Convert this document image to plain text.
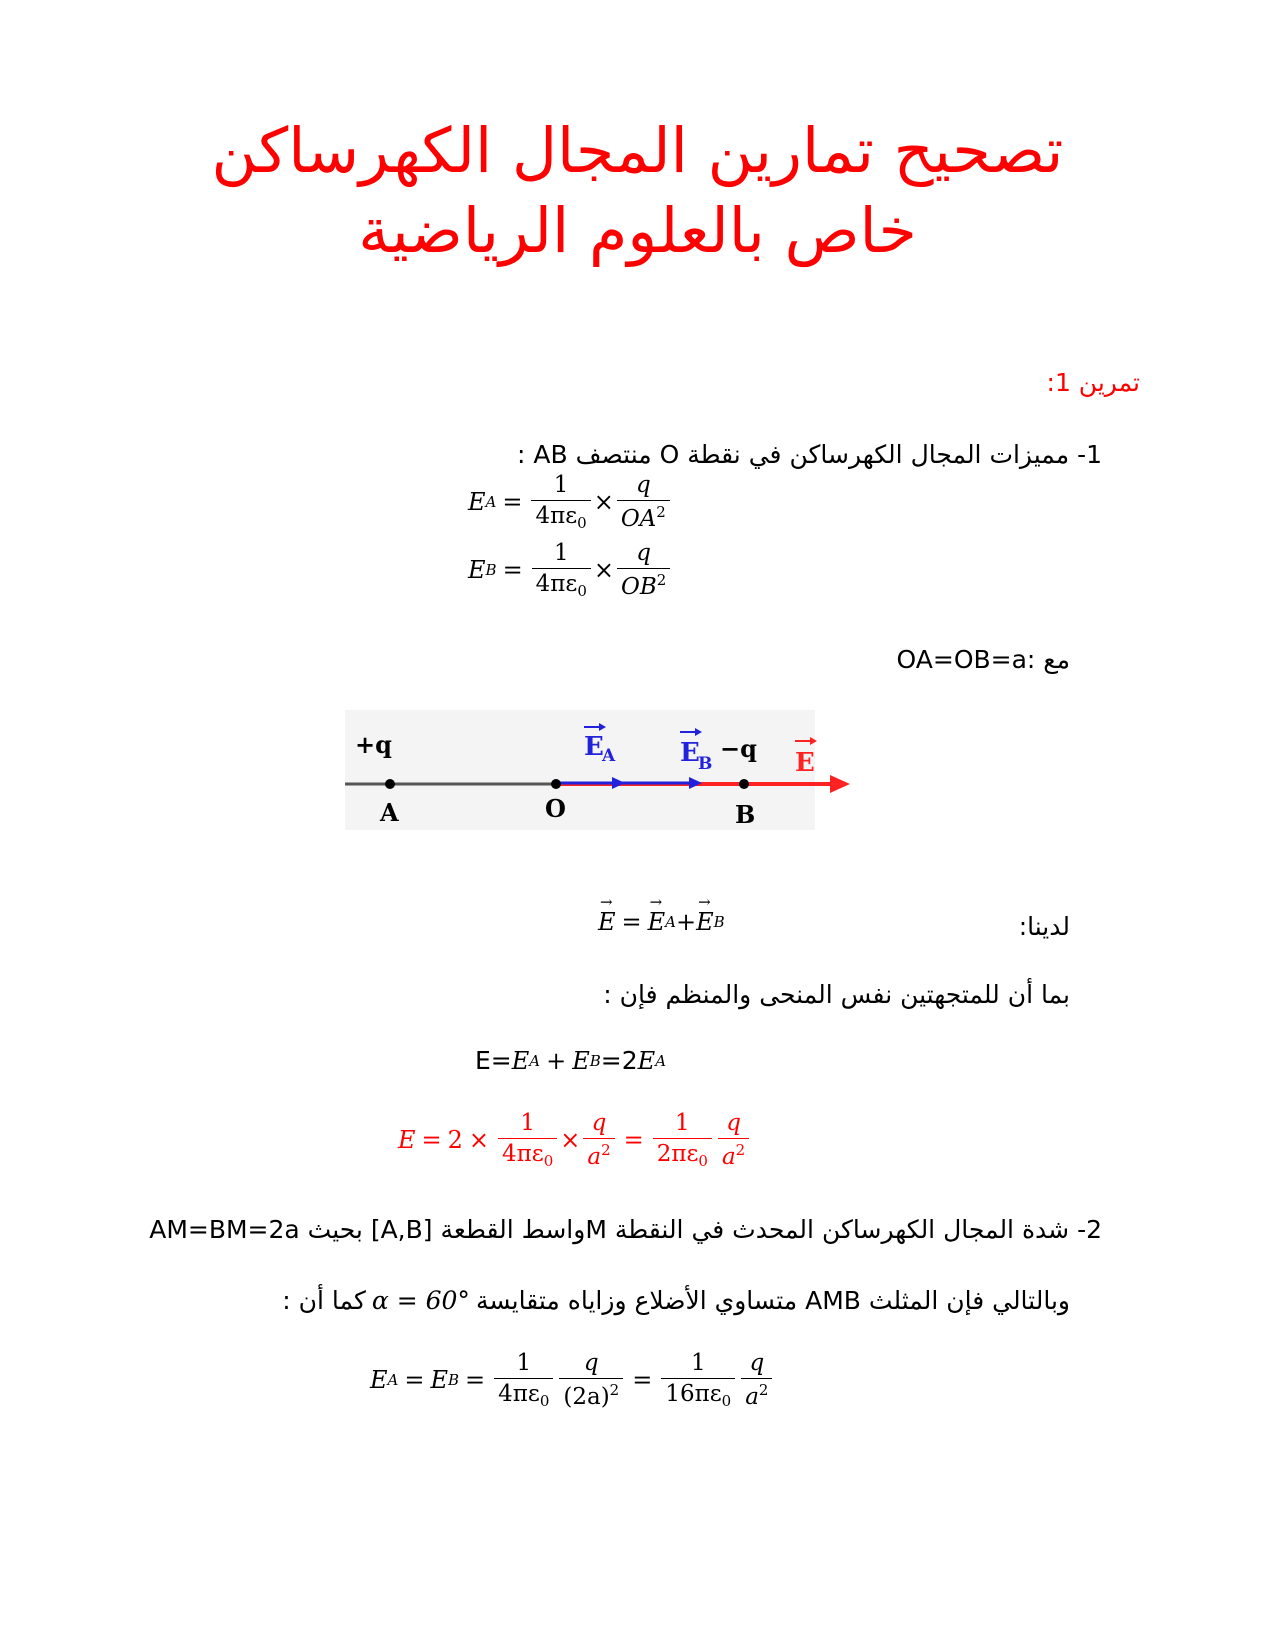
تصحيح تمارين المجال الكهرساكن
خاص بالعلوم الرياضية
تمرين 1:
1- مميزات المجال الكهرساكن في نقطة O منتصف AB :
E $A = \frac{1}{4\pi\varepsilon_0} \times \frac{q}{OA^2}$
E $B = \frac{1}{4\pi\varepsilon_0} \times \frac{q}{OB^2}$
مع :OA=OB=a
+q	−q
A	O	B
E
A E
B	E
لدينا:
→ E = → E A + → E B
بما أن للمتجهتين نفس المنحى والمنظم فإن :
E= E A + E B =2 E A
$E = 2 \times \frac{1}{4\pi\varepsilon_0} \times \frac{q}{a^2} = \frac{1}{2\pi\varepsilon_0} \frac{q}{a^2}$
2- شدة المجال الكهرساكن المحدث في النقطة Mواسط القطعة [A,B] بحيث AM=BM=2a
وبالتالي فإن المثلث AMB متساوي الأضلاع وزاياه متقايسة
α = 60°
كما أن :
E A = E $B = \frac{1}{4\pi\varepsilon_0} \frac{q}{(2a)^2} = \frac{1}{16\pi\varepsilon_0} \frac{q}{a^2}$
